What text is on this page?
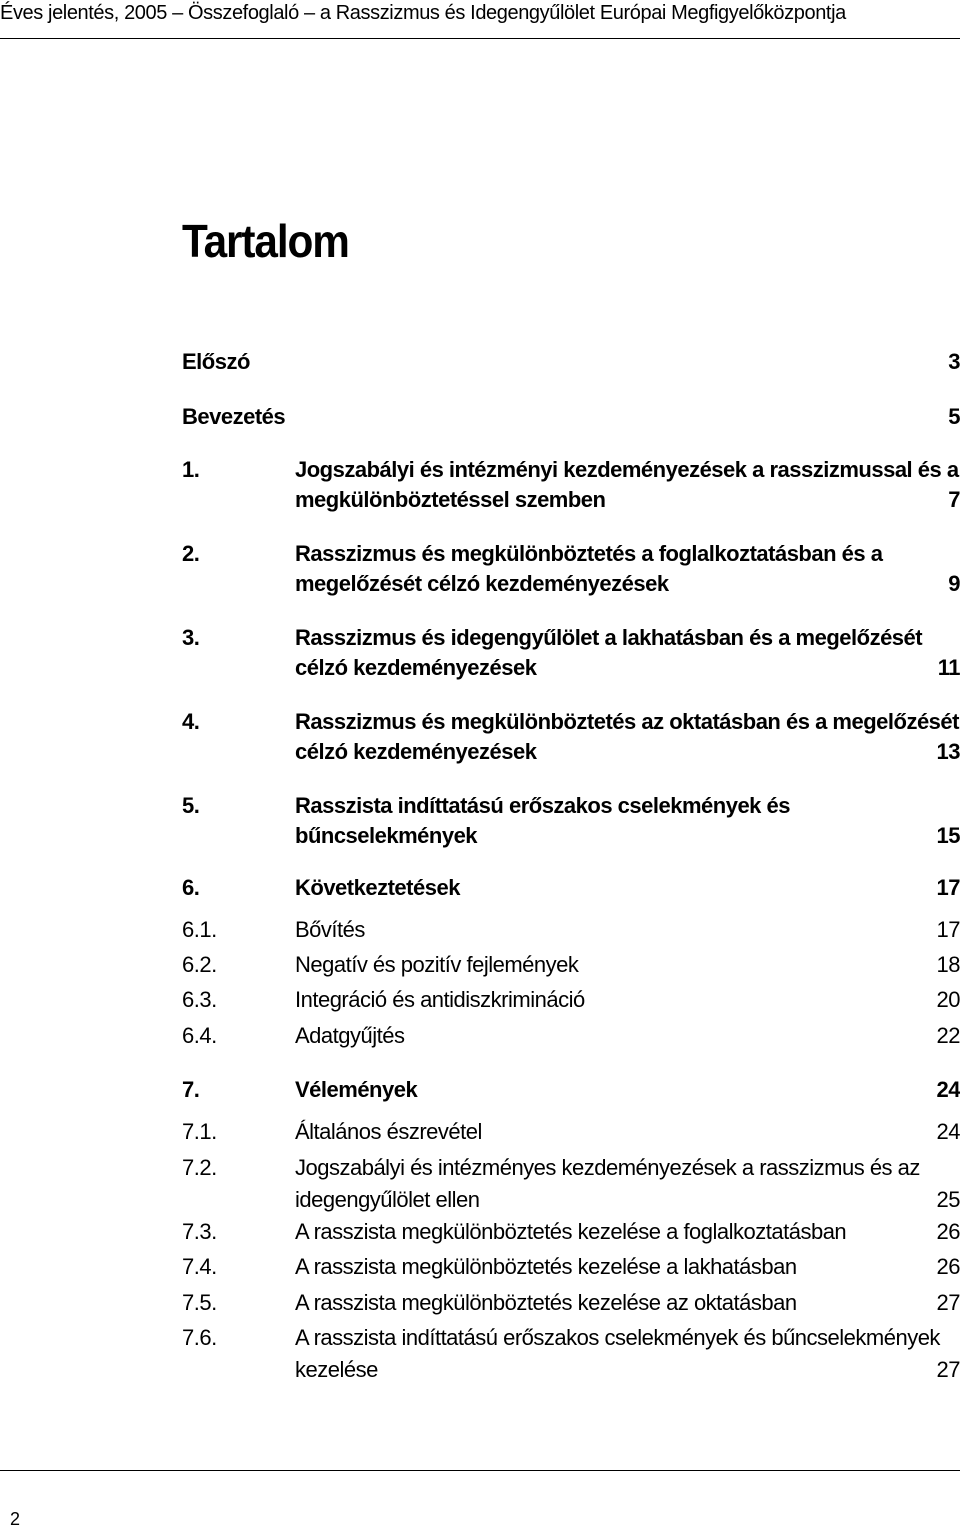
Éves jelentés, 2005 – Összefoglaló – a Rasszizmus és Idegengyűlölet Európai Megfigyelőközpontja
Tartalom
Előszó	3
Bevezetés	5
1.	Jogszabályi és intézményi kezdeményezések a rasszizmussal és a
megkülönböztetéssel szemben	7
2.	Rasszizmus és megkülönböztetés a foglalkoztatásban és a
megelőzését célzó kezdeményezések	9
3.	Rasszizmus és idegengyűlölet a lakhatásban és a megelőzését
célzó kezdeményezések	11
4.	Rasszizmus és megkülönböztetés az oktatásban és a megelőzését
célzó kezdeményezések	13
5.	Rasszista indíttatású erőszakos cselekmények és
bűncselekmények	15
6.	Következtetések	17
6.1.	Bővítés	17
6.2.	Negatív és pozitív fejlemények	18
6.3.	Integráció és antidiszkrimináció	20
6.4.	Adatgyűjtés	22
7.	Vélemények	24
7.1.	Általános észrevétel	24
7.2.	Jogszabályi és intézményes kezdeményezések a rasszizmus és az
idegengyűlölet ellen	25
7.3.	A rasszista megkülönböztetés kezelése a foglalkoztatásban	26
7.4.	A rasszista megkülönböztetés kezelése a lakhatásban	26
7.5.	A rasszista megkülönböztetés kezelése az oktatásban	27
7.6.	A rasszista indíttatású erőszakos cselekmények és bűncselekmények
kezelése	27
2
